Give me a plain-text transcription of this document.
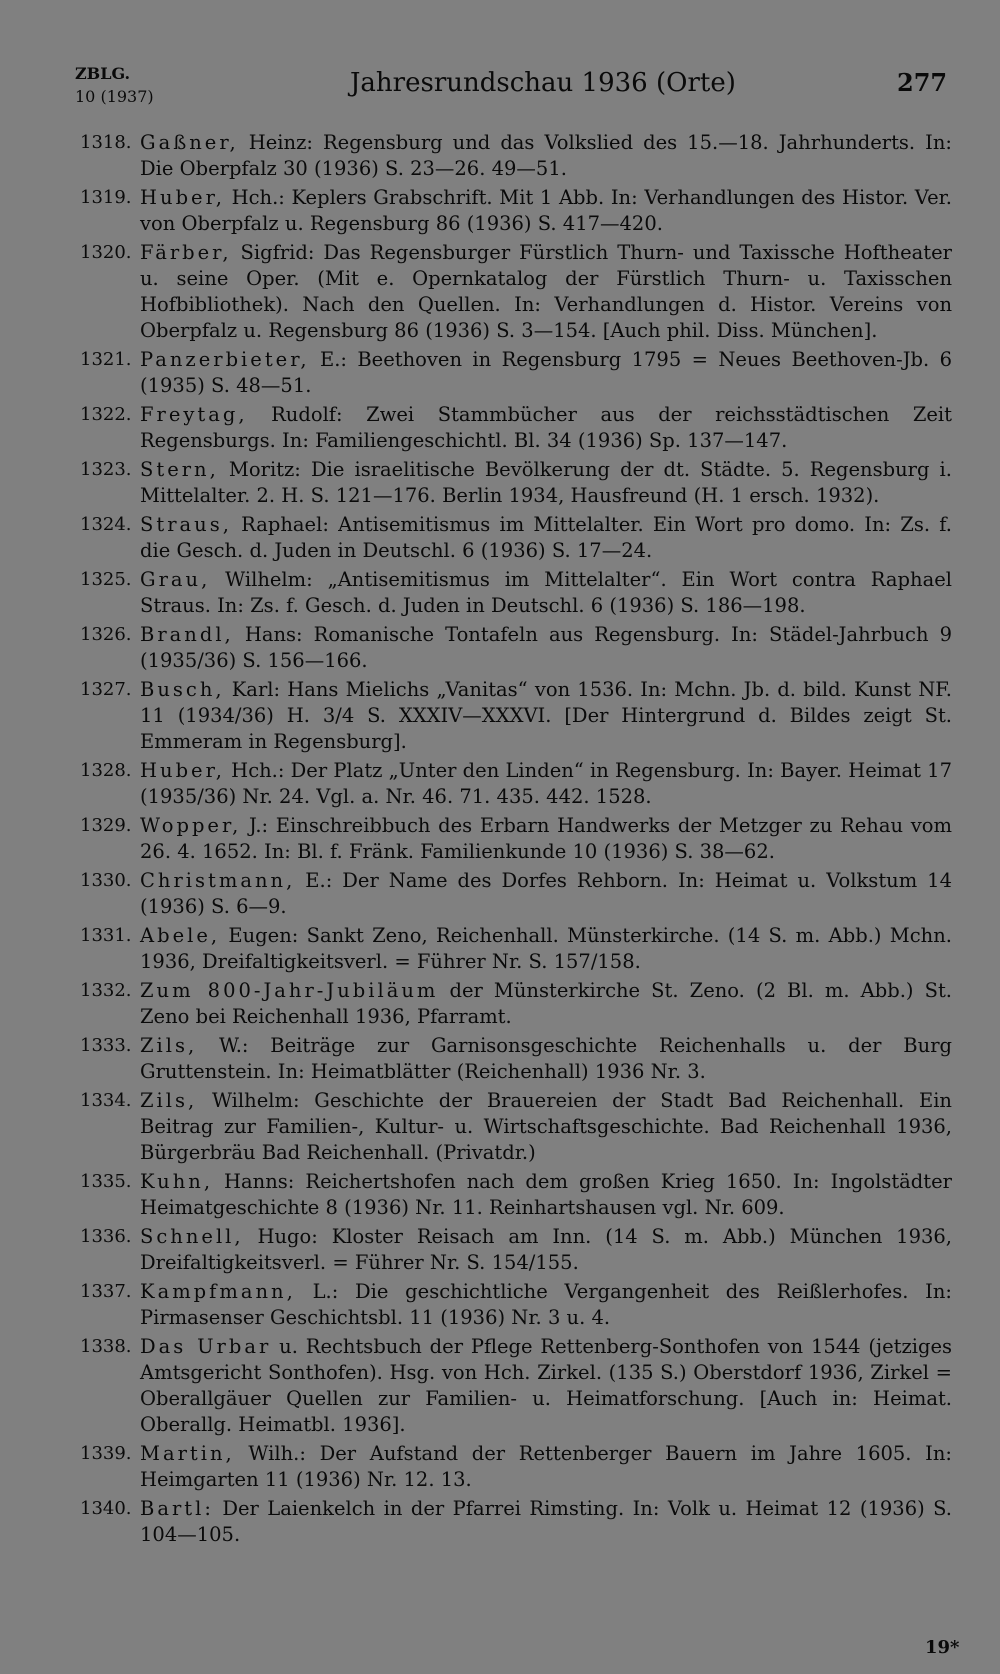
ZBLG.
10 (1937)	Jahresrundschau 1936 (Orte)	277
1318. Gaßner, Heinz: Regensburg und das Volkslied des 15.—18. Jahrhunderts. In: Die Oberpfalz 30 (1936) S. 23—26. 49—51.
1319. Huber, Hch.: Keplers Grabschrift. Mit 1 Abb. In: Verhandlungen des Histor. Ver. von Oberpfalz u. Regensburg 86 (1936) S. 417—420.
1320. Färber, Sigfrid: Das Regensburger Fürstlich Thurn- und Taxissche Hoftheater u. seine Oper. (Mit e. Opernkatalog der Fürstlich Thurn- u. Taxisschen Hofbibliothek). Nach den Quellen. In: Verhandlungen d. Histor. Vereins von Oberpfalz u. Regensburg 86 (1936) S. 3—154. [Auch phil. Diss. München].
1321. Panzerbieter, E.: Beethoven in Regensburg 1795 = Neues Beethoven-Jb. 6 (1935) S. 48—51.
1322. Freytag, Rudolf: Zwei Stammbücher aus der reichsstädtischen Zeit Regensburgs. In: Familiengeschichtl. Bl. 34 (1936) Sp. 137—147.
1323. Stern, Moritz: Die israelitische Bevölkerung der dt. Städte. 5. Regensburg i. Mittelalter. 2. H. S. 121—176. Berlin 1934, Hausfreund (H. 1 ersch. 1932).
1324. Straus, Raphael: Antisemitismus im Mittelalter. Ein Wort pro domo. In: Zs. f. die Gesch. d. Juden in Deutschl. 6 (1936) S. 17—24.
1325. Grau, Wilhelm: „Antisemitismus im Mittelalter“. Ein Wort contra Raphael Straus. In: Zs. f. Gesch. d. Juden in Deutschl. 6 (1936) S. 186—198.
1326. Brandl, Hans: Romanische Tontafeln aus Regensburg. In: Städel-Jahrbuch 9 (1935/36) S. 156—166.
1327. Busch, Karl: Hans Mielichs „Vanitas“ von 1536. In: Mchn. Jb. d. bild. Kunst NF. 11 (1934/36) H. 3/4 S. XXXIV—XXXVI. [Der Hintergrund d. Bildes zeigt St. Emmeram in Regensburg].
1328. Huber, Hch.: Der Platz „Unter den Linden“ in Regensburg. In: Bayer. Heimat 17 (1935/36) Nr. 24. Vgl. a. Nr. 46. 71. 435. 442. 1528.
1329. Wopper, J.: Einschreibbuch des Erbarn Handwerks der Metzger zu Rehau vom 26. 4. 1652. In: Bl. f. Fränk. Familienkunde 10 (1936) S. 38—62.
1330. Christmann, E.: Der Name des Dorfes Rehborn. In: Heimat u. Volkstum 14 (1936) S. 6—9.
1331. Abele, Eugen: Sankt Zeno, Reichenhall. Münsterkirche. (14 S. m. Abb.) Mchn. 1936, Dreifaltigkeitsverl. = Führer Nr. S. 157/158.
1332. Zum 800-Jahr-Jubiläum der Münsterkirche St. Zeno. (2 Bl. m. Abb.) St. Zeno bei Reichenhall 1936, Pfarramt.
1333. Zils, W.: Beiträge zur Garnisonsgeschichte Reichenhalls u. der Burg Gruttenstein. In: Heimatblätter (Reichenhall) 1936 Nr. 3.
1334. Zils, Wilhelm: Geschichte der Brauereien der Stadt Bad Reichenhall. Ein Beitrag zur Familien-, Kultur- u. Wirtschaftsgeschichte. Bad Reichenhall 1936, Bürgerbräu Bad Reichenhall. (Privatdr.)
1335. Kuhn, Hanns: Reichertshofen nach dem großen Krieg 1650. In: Ingolstädter Heimatgeschichte 8 (1936) Nr. 11. Reinhartshausen vgl. Nr. 609.
1336. Schnell, Hugo: Kloster Reisach am Inn. (14 S. m. Abb.) München 1936, Dreifaltigkeitsverl. = Führer Nr. S. 154/155.
1337. Kampfmann, L.: Die geschichtliche Vergangenheit des Reißlerhofes. In: Pirmasenser Geschichtsbl. 11 (1936) Nr. 3 u. 4.
1338. Das Urbar u. Rechtsbuch der Pflege Rettenberg-Sonthofen von 1544 (jetziges Amtsgericht Sonthofen). Hsg. von Hch. Zirkel. (135 S.) Oberstdorf 1936, Zirkel = Oberallgäuer Quellen zur Familien- u. Heimatforschung. [Auch in: Heimat. Oberallg. Heimatbl. 1936].
1339. Martin, Wilh.: Der Aufstand der Rettenberger Bauern im Jahre 1605. In: Heimgarten 11 (1936) Nr. 12. 13.
1340. Bartl: Der Laienkelch in der Pfarrei Rimsting. In: Volk u. Heimat 12 (1936) S. 104—105.
19*
